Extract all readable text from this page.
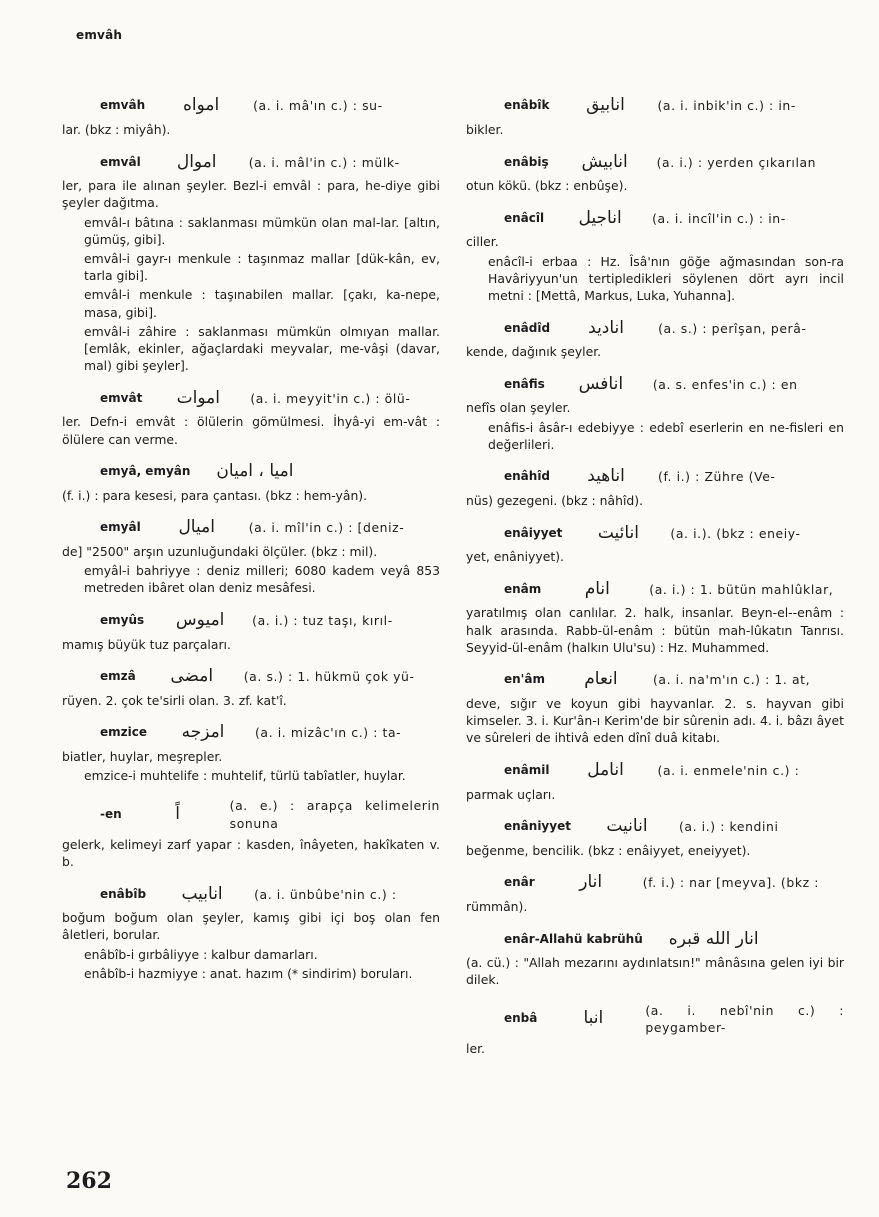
emvâh
emvâh	امواه	(a. i. mâ'ın c.) : su-
lar. (bkz : miyâh).
emvâl	اموال	(a. i. mâl'in c.) : mülk-
ler, para ile alınan şeyler. Bezl-i emvâl : para, he-diye gibi şeyler dağıtma.

emvâl-ı bâtına : saklanması mümkün olan mal-lar. [altın, gümüş, gibi].

emvâl-i gayr-ı menkule : taşınmaz mallar [dük-kân, ev, tarla gibi].

emvâl-i menkule : taşınabilen mallar. [çakı, ka-nepe, masa, gibi].

emvâl-i zâhire : saklanması mümkün olmıyan mallar. [emlâk, ekinler, ağaçlardaki meyvalar, me-vâşi (davar, mal) gibi şeyler].

emvât	اموات	(a. i. meyyit'in c.) : ölü-
ler. Defn-i emvât : ölülerin gömülmesi. İhyâ-yi em-vât : ölülere can verme.
emyâ, emyân امیا ، امیان
(f. i.) : para kesesi, para çantası. (bkz : hem-yân).
emyâl	امیال	(a. i. mîl'in c.) : [deniz-
de] "2500" arşın uzunluğundaki ölçüler. (bkz : mil).

emyâl-i bahriyye : deniz milleri; 6080 kadem veyâ 853 metreden ibâret olan deniz mesâfesi.

emyûs	امیوس	(a. i.) : tuz taşı, kırıl-
mamış büyük tuz parçaları.
emzâ	امضی	(a. s.) : 1. hükmü çok yü-
rüyen. 2. çok te'sirli olan. 3. zf. kat'î.
emzice	امزجه	(a. i. mizâc'ın c.) : ta-
biatler, huylar, meşrepler.

emzice-i muhtelife : muhtelif, türlü tabîatler, huylar.

-en	اً	(a. e.) : arapça kelimelerin sonuna
gelerk, kelimeyi zarf yapar : kasden, înâyeten, hakîkaten v. b.
enâbîb	انابیب	(a. i. ünbûbe'nin c.) :
boğum boğum olan şeyler, kamış gibi içi boş olan fen âletleri, borular.

enâbîb-i gırbâliyye : kalbur damarları.

enâbîb-i hazmiyye : anat. hazım (* sindirim) boruları.

enâbîk	انابیق	(a. i. inbik'in c.) : in-
bikler.
enâbiş	انابیش	(a. i.) : yerden çıkarılan
otun kökü. (bkz : enbûşe).
enâcîl	اناجیل	(a. i. incîl'in c.) : in-
ciller.

enâcîl-i erbaa : Hz. Îsâ'nın göğe ağmasından son-ra Havâriyyun'un tertipledikleri söylenen dört ayrı incil metni : [Mettâ, Markus, Luka, Yuhanna].

enâdîd	انادید	(a. s.) : perîşan, perâ-
kende, dağınık şeyler.
enâfis	انافس	(a. s. enfes'in c.) : en
nefîs olan şeyler.

enâfis-i âsâr-ı edebiyye : edebî eserlerin en ne-fisleri en değerlileri.

enâhîd	اناهید	(f. i.) : Zühre (Ve-
nüs) gezegeni. (bkz : nâhîd).
enâiyyet	انائیت	(a. i.). (bkz : eneiy-
yet, enâniyyet).
enâm	انام	(a. i.) : 1. bütün mahlûklar,
yaratılmış olan canlılar. 2. halk, insanlar. Beyn-el--enâm : halk arasında. Rabb-ül-enâm : bütün mah-lûkatın Tanrısı. Seyyid-ül-enâm (halkın Ulu'su) : Hz. Muhammed.
en'âm	انعام	(a. i. na'm'ın c.) : 1. at,
deve, sığır ve koyun gibi hayvanlar. 2. s. hayvan gibi kimseler. 3. i. Kur'ân-ı Kerim'de bir sûrenin adı. 4. i. bâzı âyet ve sûreleri de ihtivâ eden dînî duâ kitabı.
enâmil	انامل	(a. i. enmele'nin c.) :
parmak uçları.
enâniyyet	انانیت	(a. i.) : kendini
beğenme, bencilik. (bkz : enâiyyet, eneiyyet).
enâr	انار	(f. i.) : nar [meyva]. (bkz :
rümmân).
enâr-Allahü kabrühû انار الله قبره
(a. cü.) : "Allah mezarını aydınlatsın!" mânâsına gelen iyi bir dilek.
enbâ	انبا	(a. i. nebî'nin c.) : peygamber-
ler.
262
